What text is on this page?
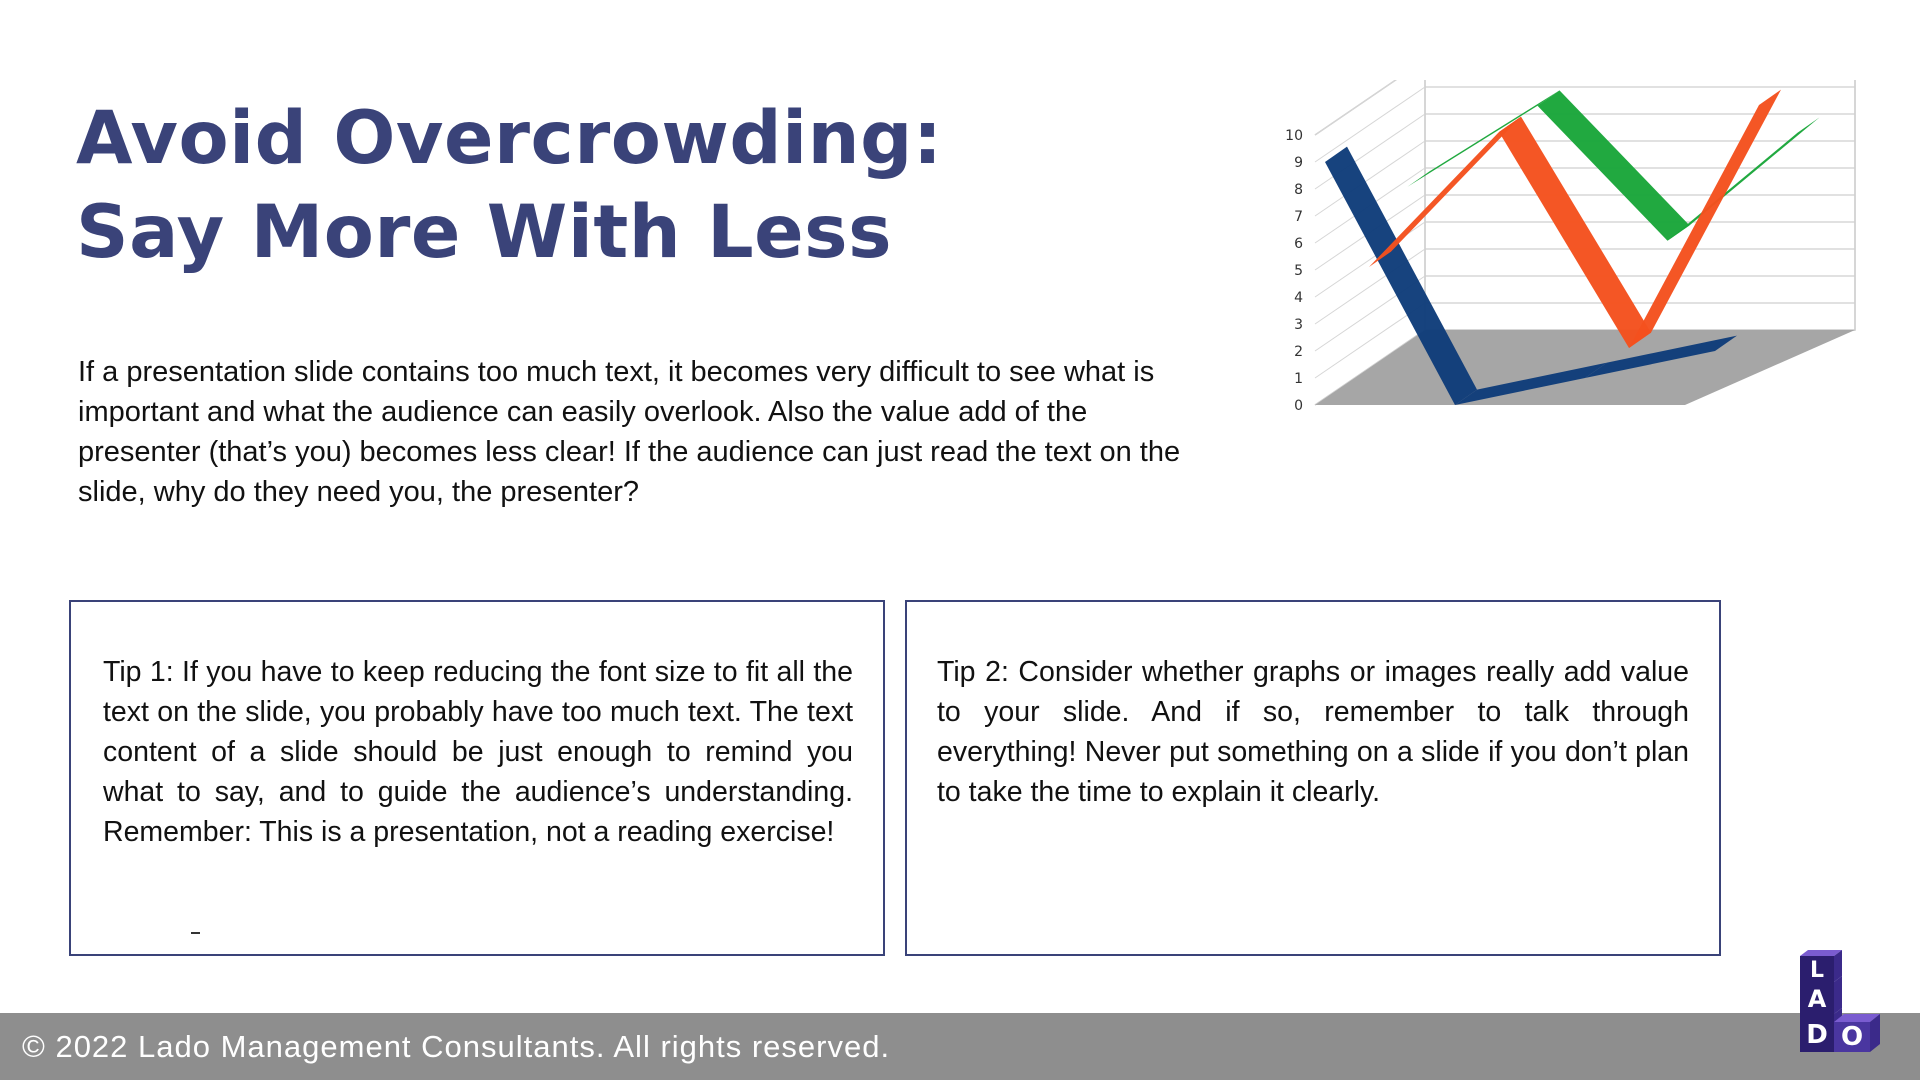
Avoid Overcrowding:
Say More With Less

If a presentation slide contains too much text, it becomes very difficult to see what is important and what the audience can easily overlook. Also the value add of the presenter (that’s you) becomes less clear! If the audience can just read the text on the slide, why do they need you, the presenter?

0
1
2
3
4
5
6
7
8
9
10

Tip 1: If you have to keep reducing the font size to fit all the text on the slide, you probably have too much text. The text content of a slide should be just enough to remind you what to say, and to guide the audience’s understanding. Remember: This is a presentation, not a reading exercise!

Tip 2: Consider whether graphs or images really add value to your slide. And if so, remember to talk through everything! Never put something on a slide if you don’t plan to take the time to explain it clearly.

© 2022 Lado Management Consultants. All rights reserved.
L
A
D O
